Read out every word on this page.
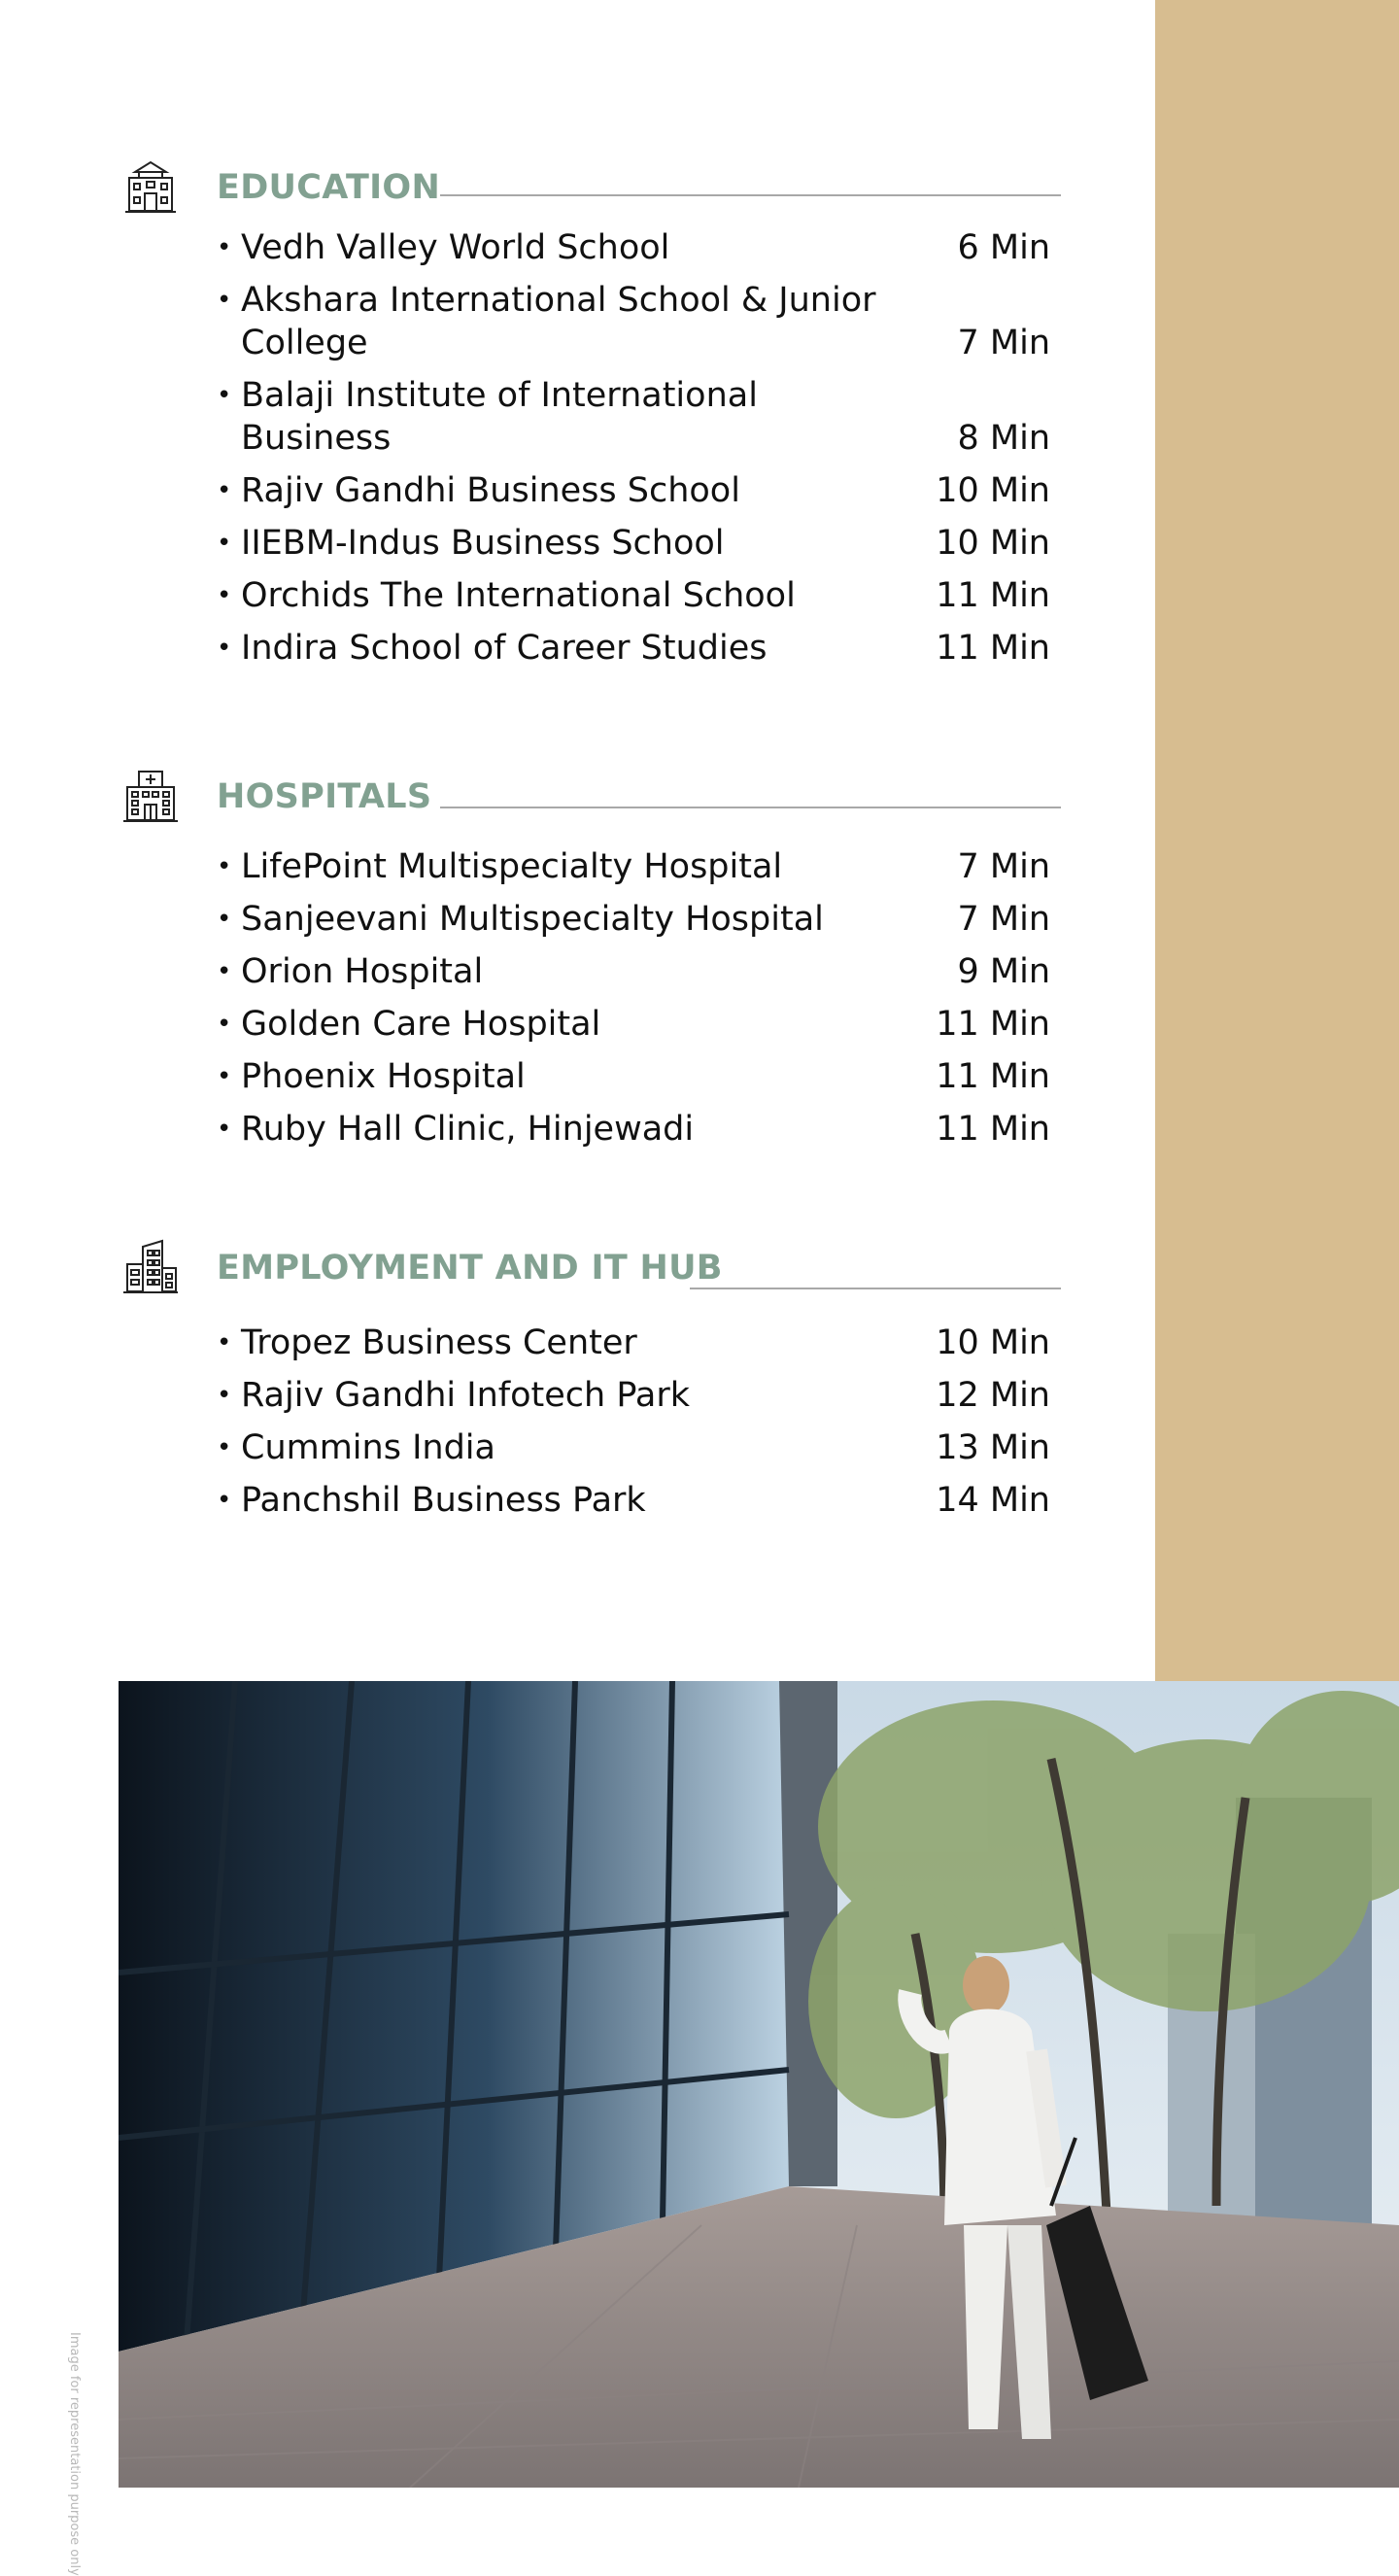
EDUCATION
• Vedh Valley World School	6 Min
• Akshara International School & Junior College	7 Min
• Balaji Institute of International Business	8 Min
• Rajiv Gandhi Business School	10 Min
• IIEBM-Indus Business School	10 Min
• Orchids The International School	11 Min
• Indira School of Career Studies	11 Min
HOSPITALS
• LifePoint Multispecialty Hospital	7 Min
• Sanjeevani Multispecialty Hospital	7 Min
• Orion Hospital	9 Min
• Golden Care Hospital	11 Min
• Phoenix Hospital	11 Min
• Ruby Hall Clinic, Hinjewadi	11 Min
EMPLOYMENT AND IT HUB
• Tropez Business Center	10 Min
• Rajiv Gandhi Infotech Park	12 Min
• Cummins India	13 Min
• Panchshil Business Park	14 Min
Image for representation purpose only
